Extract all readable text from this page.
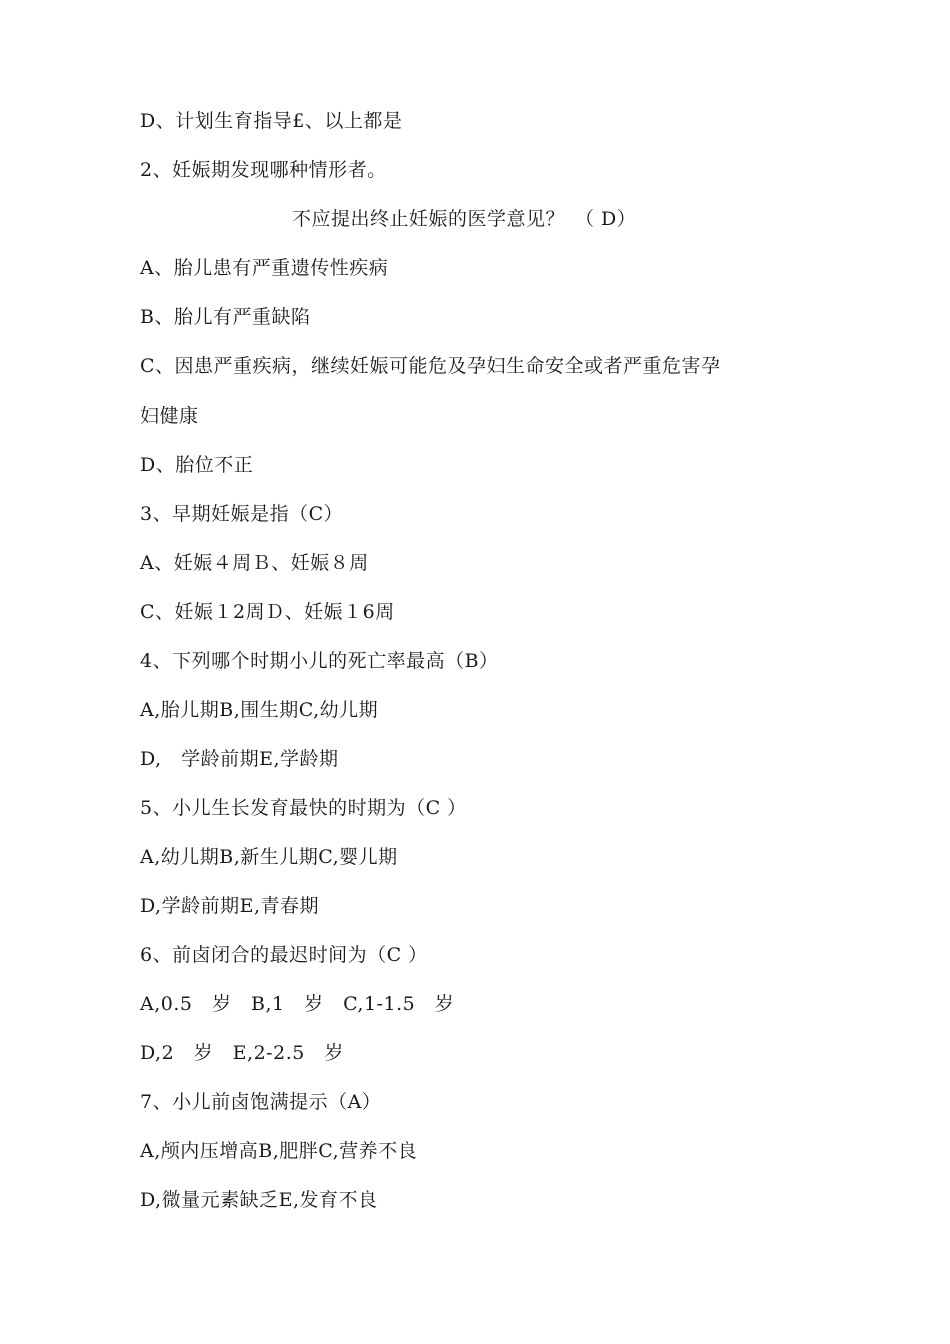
D、计划生育指导£、以上都是
2、妊娠期发现哪种情形者。
不应提出终止妊娠的医学意见？　（ D）
A、胎儿患有严重遗传性疾病
B、胎儿有严重缺陷
C、因患严重疾病，继续妊娠可能危及孕妇生命安全或者严重危害孕
妇健康
D、胎位不正
3、早期妊娠是指（C）
A、妊娠４周Ｂ、妊娠８周
C、妊娠１2周Ｄ、妊娠１6周
4、下列哪个时期小儿的死亡率最高（B）
A,胎儿期B,围生期C,幼儿期
D,　学龄前期E,学龄期
5、小儿生长发育最快的时期为（C ）
A,幼儿期B,新生儿期C,婴儿期
D,学龄前期E,青春期
6、前卤闭合的最迟时间为（C ）
A,0.5　岁　B,1　岁　C,1-1.5　岁
D,2　岁　E,2-2.5　岁
7、小儿前卤饱满提示（A）
A,颅内压增高B,肥胖C,营养不良
D,微量元素缺乏E,发育不良
